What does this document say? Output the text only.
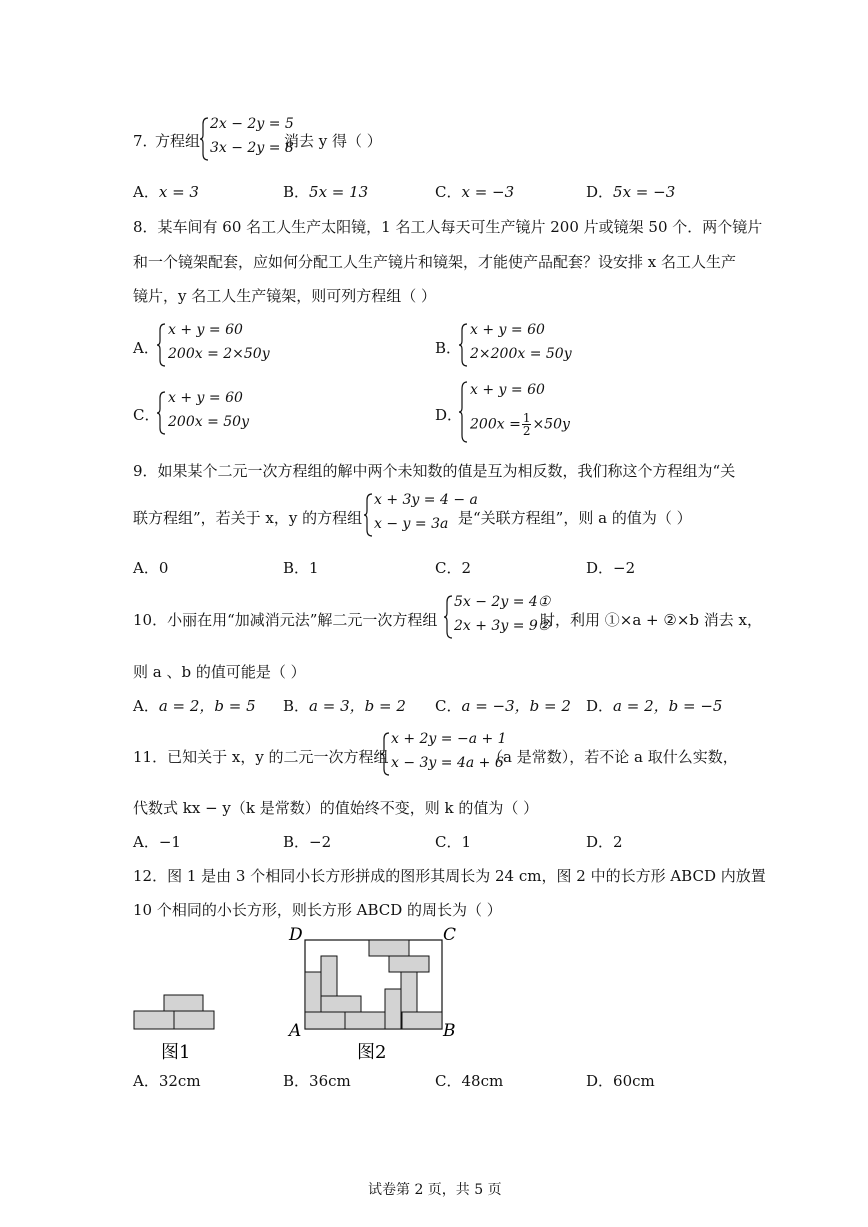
7．
方程组
2x − 2y = 5
3x − 2y = 8
消去 y 得（ ）
A．x = 3	B．5x = 13	C．x = −3	D．5x = −3
8．某车间有 60 名工人生产太阳镜，1 名工人每天可生产镜片 200 片或镜架 50 个．两个镜片
和一个镜架配套，应如何分配工人生产镜片和镜架，才能使产品配套？设安排 x 名工人生产
镜片，y 名工人生产镜架，则可列方程组（ ）
A．
x + y = 60
200x = 2×50y	B．
x + y = 60
2×200x = 50y
C．
x + y = 60
200x = 50y	D．
x + y = 60
$200x = \frac{1}{2} \times 50y$
9．如果某个二元一次方程组的解中两个未知数的值是互为相反数，我们称这个方程组为“关
联方程组”，若关于 x，y 的方程组
x + 3y = 4 − a
x − y = 3a 是“关联方程组”，则 a 的值为（ ）
A．0	B．1	C．2	D．−2
10．小丽在用“加减消元法”解二元一次方程组
5x − 2y = 4①
2x + 3y = 9②
时，利用 ①×a + ②×b 消去 x，
则 a 、b 的值可能是（ ）
A．a = 2，b = 5 B．a = 3，b = 2 C．a = −3，b = 2 D．a = 2，b = −5
11．已知关于 x，y 的二元一次方程组
x + 2y = −a + 1
x − 3y = 4a + 6
（a 是常数），若不论 a 取什么实数，
代数式 kx − y（k 是常数）的值始终不变，则 k 的值为（ ）
A．−1	B．−2	C．1	D．2
12．图 1 是由 3 个相同小长方形拼成的图形其周长为 24 cm，图 2 中的长方形 ABCD 内放置
10 个相同的小长方形，则长方形 ABCD 的周长为（ ）
图1
D	C
A	B
图2
A．32cm	B．36cm	C．48cm	D．60cm
试卷第 2 页，共 5 页
